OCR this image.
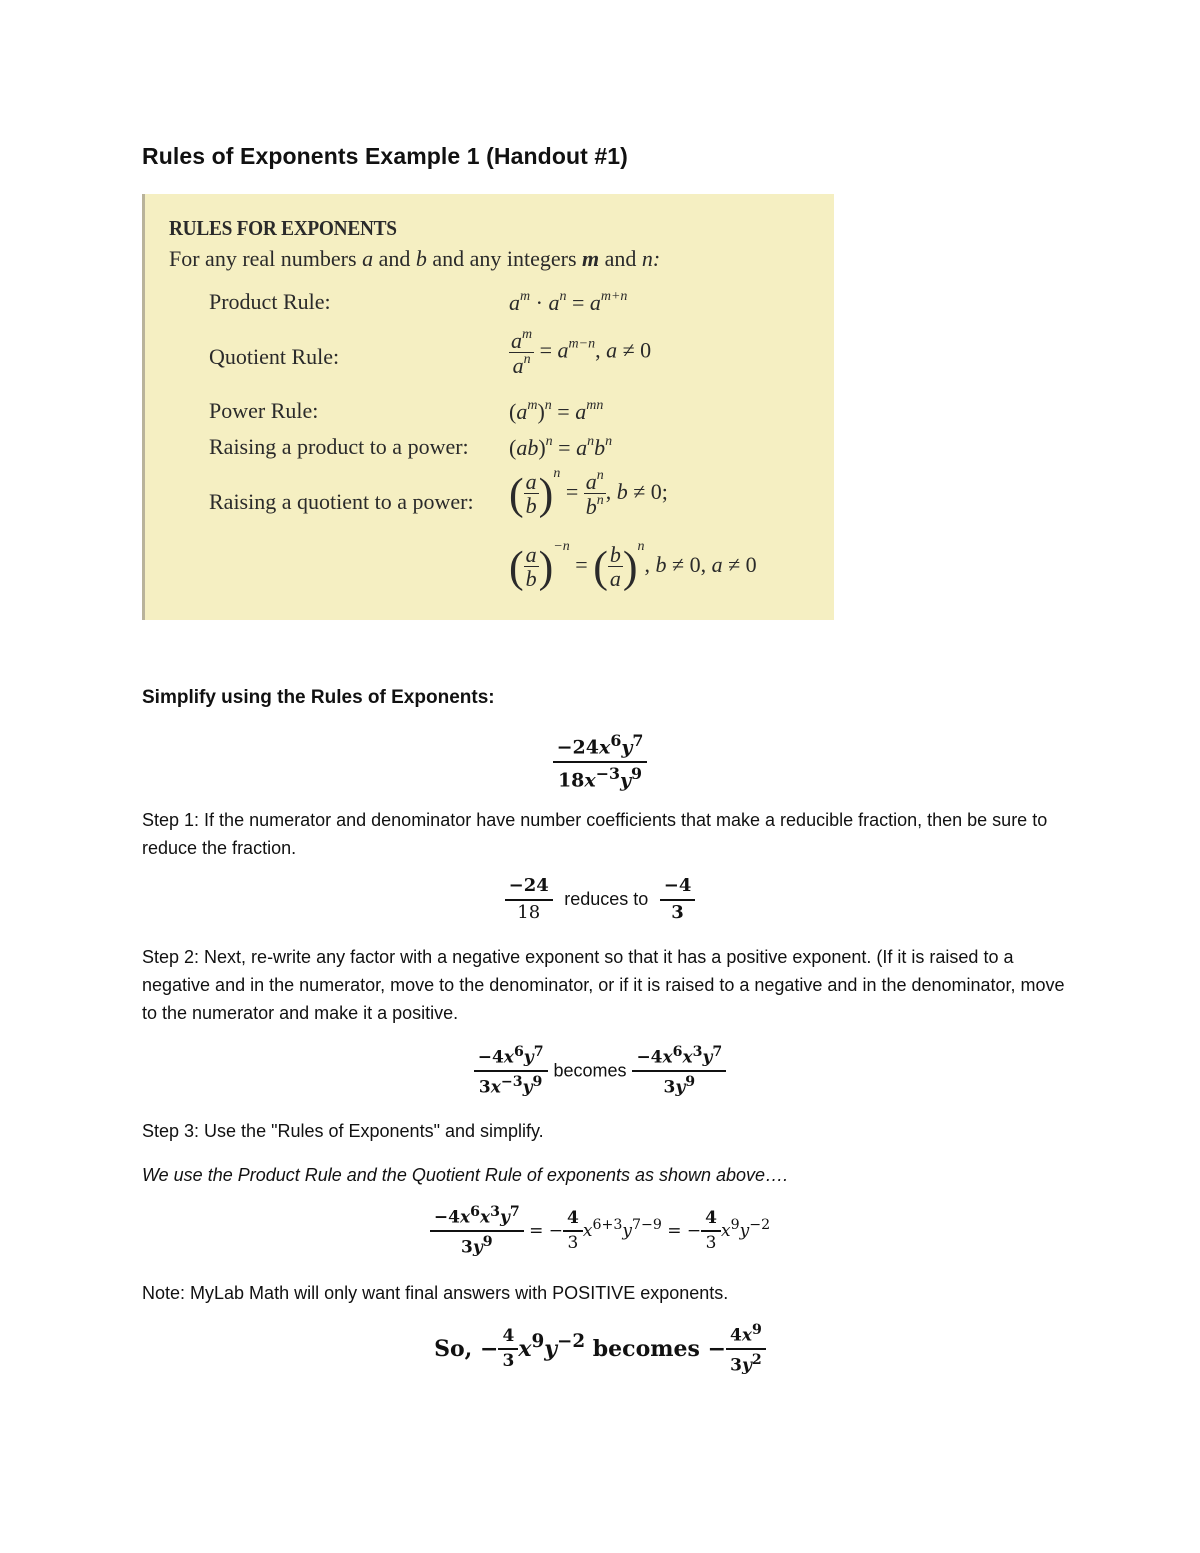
Rules of Exponents Example 1 (Handout #1)
RULES FOR EXPONENTS
For any real numbers a and b and any integers m and n:
Product Rule:	$a^m \cdot a^n = a^{m+n}$
Quotient Rule:	$\frac{a^m}{a^n} = a^{m-n}$, a ≠ 0
Power Rule:	$(a^m)^n = a^{mn}$
Raising a product to a power: $(ab)^n = a^nb^n$
Raising a quotient to a power: ( $\frac{a}{b} )^n = \frac{a^n}{b^n}$ , b ≠ 0;
( $\frac{a}{b} )^{-n}$ = ( $\frac{b}{a} )^n$, b ≠ 0, a ≠ 0
Simplify using the Rules of Exponents:
$\frac{-24x^6y^7}{18x^{-3}y^9}$
Step 1: If the numerator and denominator have number coefficients that make a reducible fraction, then be sure to reduce the fraction.
$\frac{-24}{18}$ reduces to $\frac{-4}{3}$
Step 2: Next, re-write any factor with a negative exponent so that it has a positive exponent. (If it is raised to a negative and in the numerator, move to the denominator, or if it is raised to a negative and in the denominator, move to the numerator and make it a positive.
$\frac{-4x^6y^7}{3x^{-3}y^9}$ becomes $\frac{-4x^6x^3y^7}{3y^9}$
Step 3: Use the "Rules of Exponents" and simplify.
We use the Product Rule and the Quotient Rule of exponents as shown above….
$\frac{-4x^6x^3y^7}{3y^9}$ = − $\frac{4}{3} x^{6+3}y^{7-9}$ = − $\frac{4}{3} x^9y^{-2}$
Note: MyLab Math will only want final answers with POSITIVE exponents.
So, − $\frac{4}{3} x^9y^{-2}$ becomes − $\frac{4x^9}{3y^2}$
